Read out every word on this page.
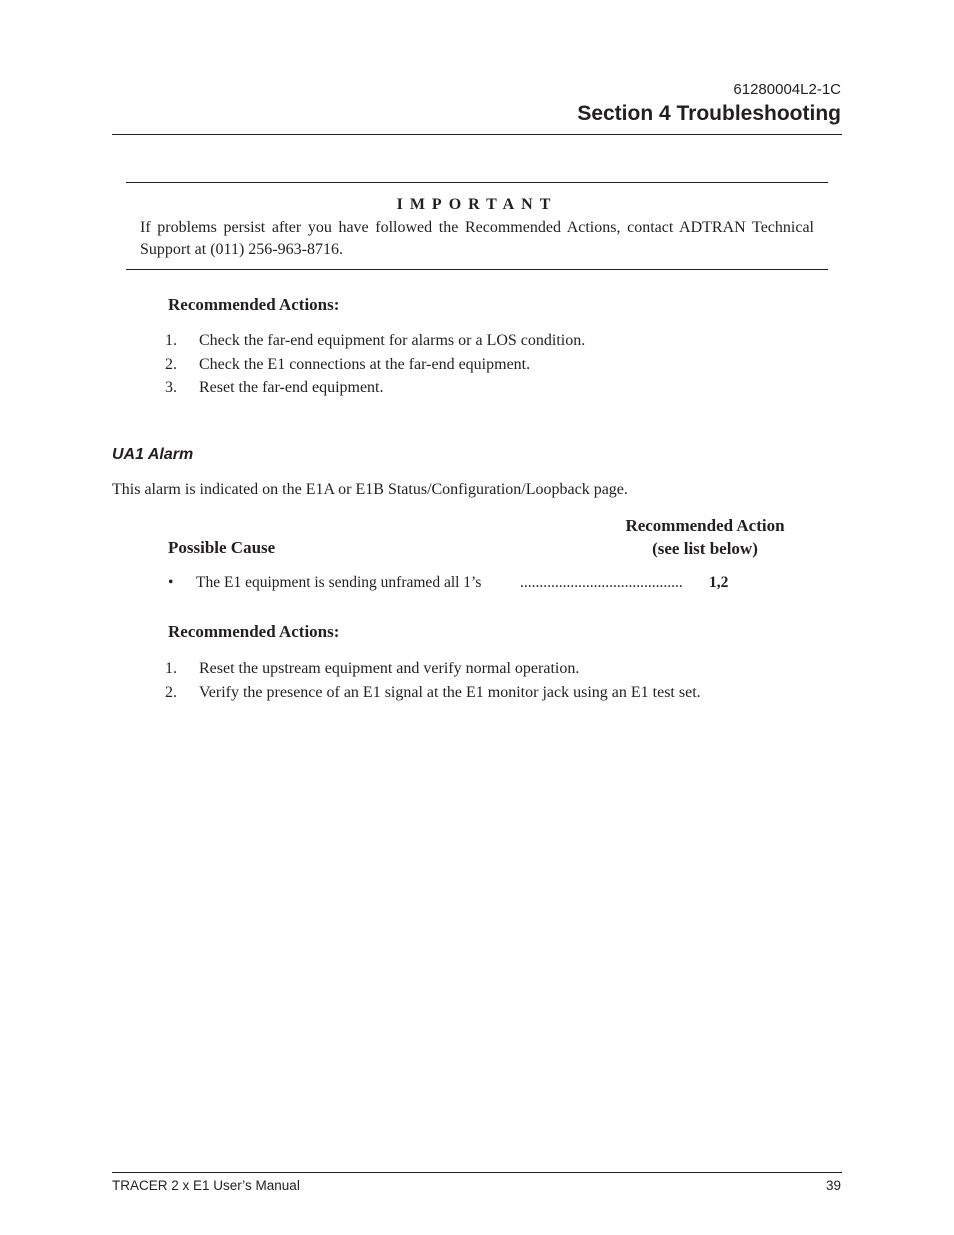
61280004L2-1C
Section 4 Troubleshooting
IMPORTANT
If problems persist after you have followed the Recommended Actions, contact ADTRAN Technical Support at (011) 256-963-8716.
Recommended Actions:
1. Check the far-end equipment for alarms or a LOS condition.
2. Check the E1 connections at the far-end equipment.
3. Reset the far-end equipment.
UA1 Alarm
This alarm is indicated on the E1A or E1B Status/Configuration/Loopback page.
Possible Cause
Recommended Action
(see list below)
• The E1 equipment is sending unframed all 1’s .......................................... 1,2
Recommended Actions:
1. Reset the upstream equipment and verify normal operation.
2. Verify the presence of an E1 signal at the E1 monitor jack using an E1 test set.
TRACER 2 x E1 User’s Manual	39
